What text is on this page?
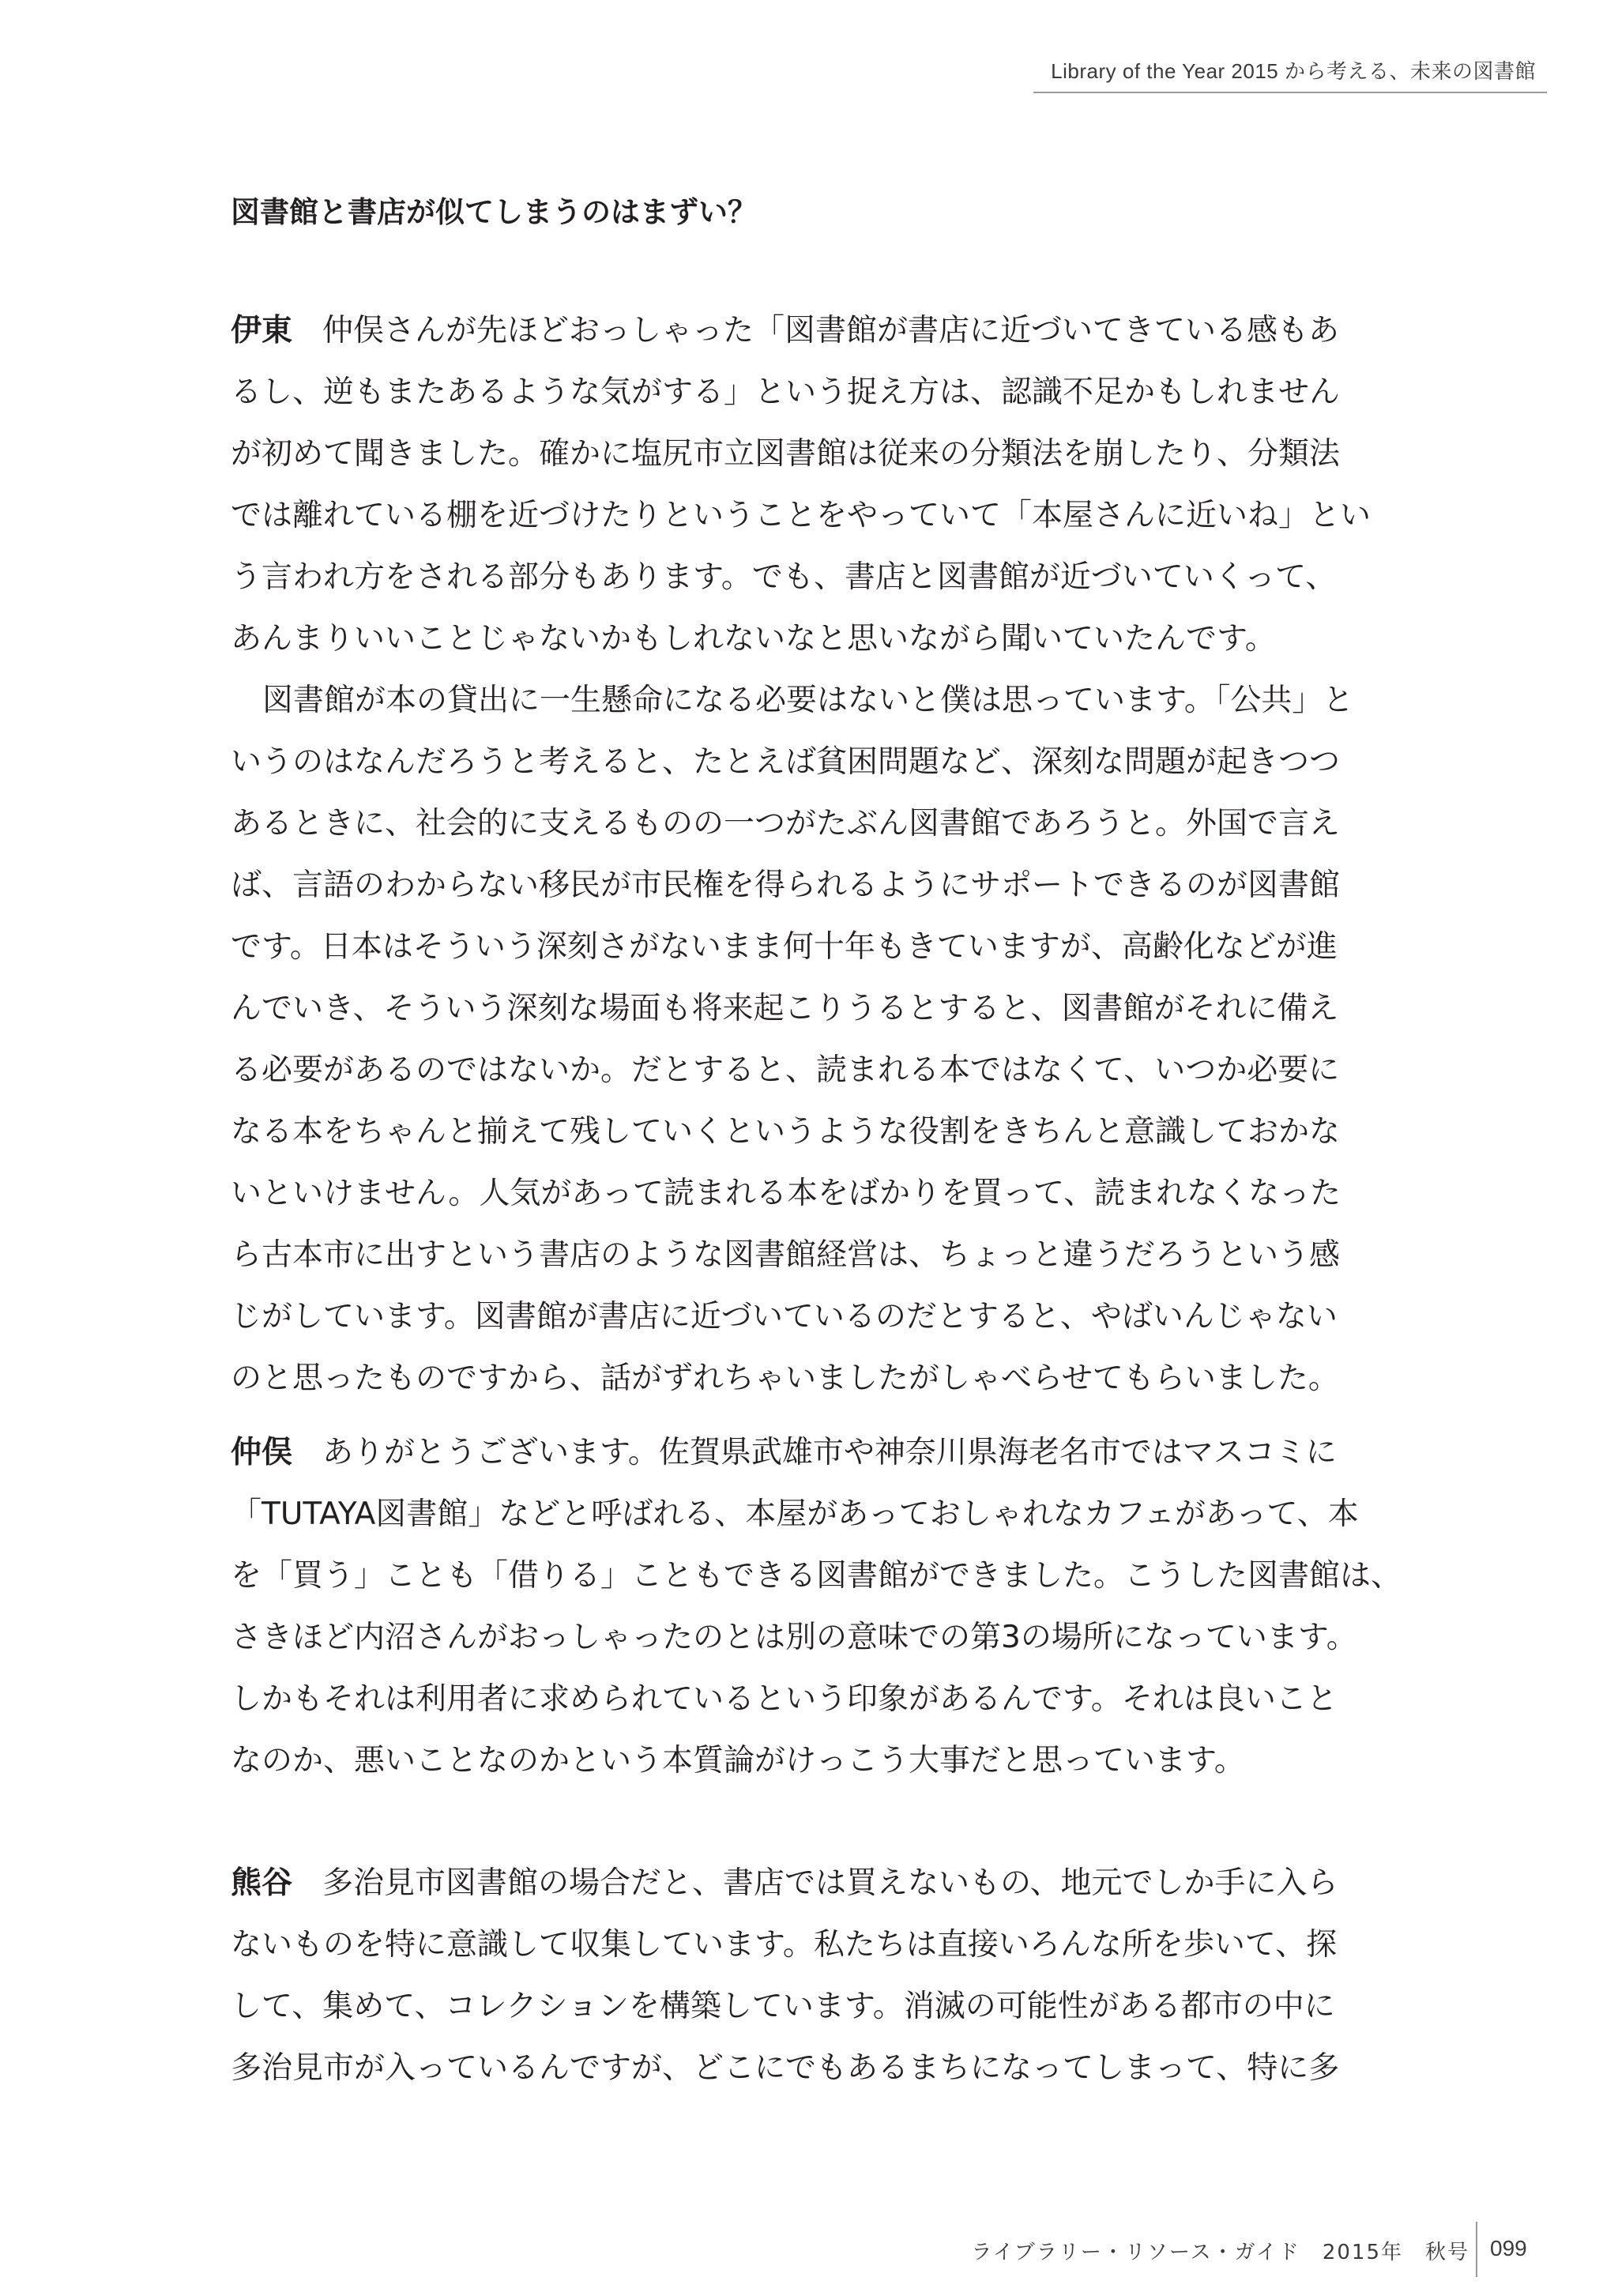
Library of the Year 2015 から考える、未来の図書館
図書館と書店が似てしまうのはまずい？
伊東 仲俣さんが先ほどおっしゃった「図書館が書店に近づいてきている感もあ
るし、逆もまたあるような気がする」という捉え方は、認識不足かもしれません
が初めて聞きました。確かに塩尻市立図書館は従来の分類法を崩したり、分類法
では離れている棚を近づけたりということをやっていて「本屋さんに近いね」とい
う言われ方をされる部分もあります。でも、書店と図書館が近づいていくって、
あんまりいいことじゃないかもしれないなと思いながら聞いていたんです。
図書館が本の貸出に一生懸命になる必要はないと僕は思っています。「公共」と
いうのはなんだろうと考えると、たとえば貧困問題など、深刻な問題が起きつつ
あるときに、社会的に支えるものの一つがたぶん図書館であろうと。外国で言え
ば、言語のわからない移民が市民権を得られるようにサポートできるのが図書館
です。日本はそういう深刻さがないまま何十年もきていますが、高齢化などが進
んでいき、そういう深刻な場面も将来起こりうるとすると、図書館がそれに備え
る必要があるのではないか。だとすると、読まれる本ではなくて、いつか必要に
なる本をちゃんと揃えて残していくというような役割をきちんと意識しておかな
いといけません。人気があって読まれる本をばかりを買って、読まれなくなった
ら古本市に出すという書店のような図書館経営は、ちょっと違うだろうという感
じがしています。図書館が書店に近づいているのだとすると、やばいんじゃない
のと思ったものですから、話がずれちゃいましたがしゃべらせてもらいました。
仲俣 ありがとうございます。佐賀県武雄市や神奈川県海老名市ではマスコミに
「TUTAYA図書館」などと呼ばれる、本屋があっておしゃれなカフェがあって、本
を「買う」ことも「借りる」こともできる図書館ができました。こうした図書館は、
さきほど内沼さんがおっしゃったのとは別の意味での第3の場所になっています。
しかもそれは利用者に求められているという印象があるんです。それは良いこと
なのか、悪いことなのかという本質論がけっこう大事だと思っています。
熊谷 多治見市図書館の場合だと、書店では買えないもの、地元でしか手に入ら
ないものを特に意識して収集しています。私たちは直接いろんな所を歩いて、探
して、集めて、コレクションを構築しています。消滅の可能性がある都市の中に
多治見市が入っているんですが、どこにでもあるまちになってしまって、特に多
ライブラリー・リソース・ガイド　2015年　秋号 099
